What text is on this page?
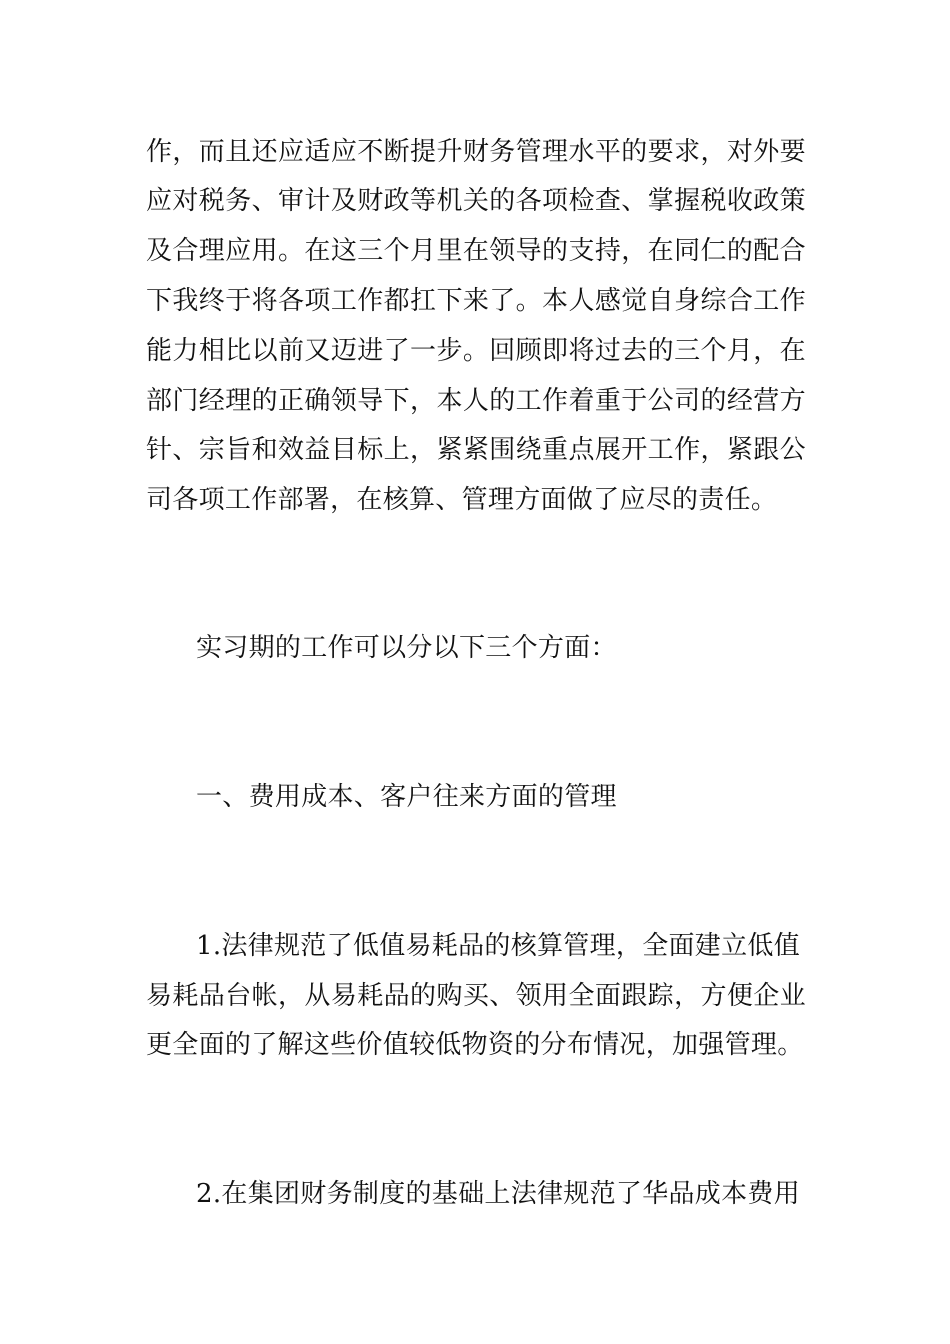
作，而且还应适应不断提升财务管理水平的要求，对外要
应对税务、审计及财政等机关的各项检查、掌握税收政策
及合理应用。在这三个月里在领导的支持，在同仁的配合
下我终于将各项工作都扛下来了。本人感觉自身综合工作
能力相比以前又迈进了一步。回顾即将过去的三个月，在
部门经理的正确领导下，本人的工作着重于公司的经营方
针、宗旨和效益目标上，紧紧围绕重点展开工作，紧跟公
司各项工作部署，在核算、管理方面做了应尽的责任。
实习期的工作可以分以下三个方面：
一、费用成本、客户往来方面的管理
1.法律规范了低值易耗品的核算管理，全面建立低值
易耗品台帐，从易耗品的购买、领用全面跟踪，方便企业
更全面的了解这些价值较低物资的分布情况，加强管理。
2.在集团财务制度的基础上法律规范了华品成本费用
